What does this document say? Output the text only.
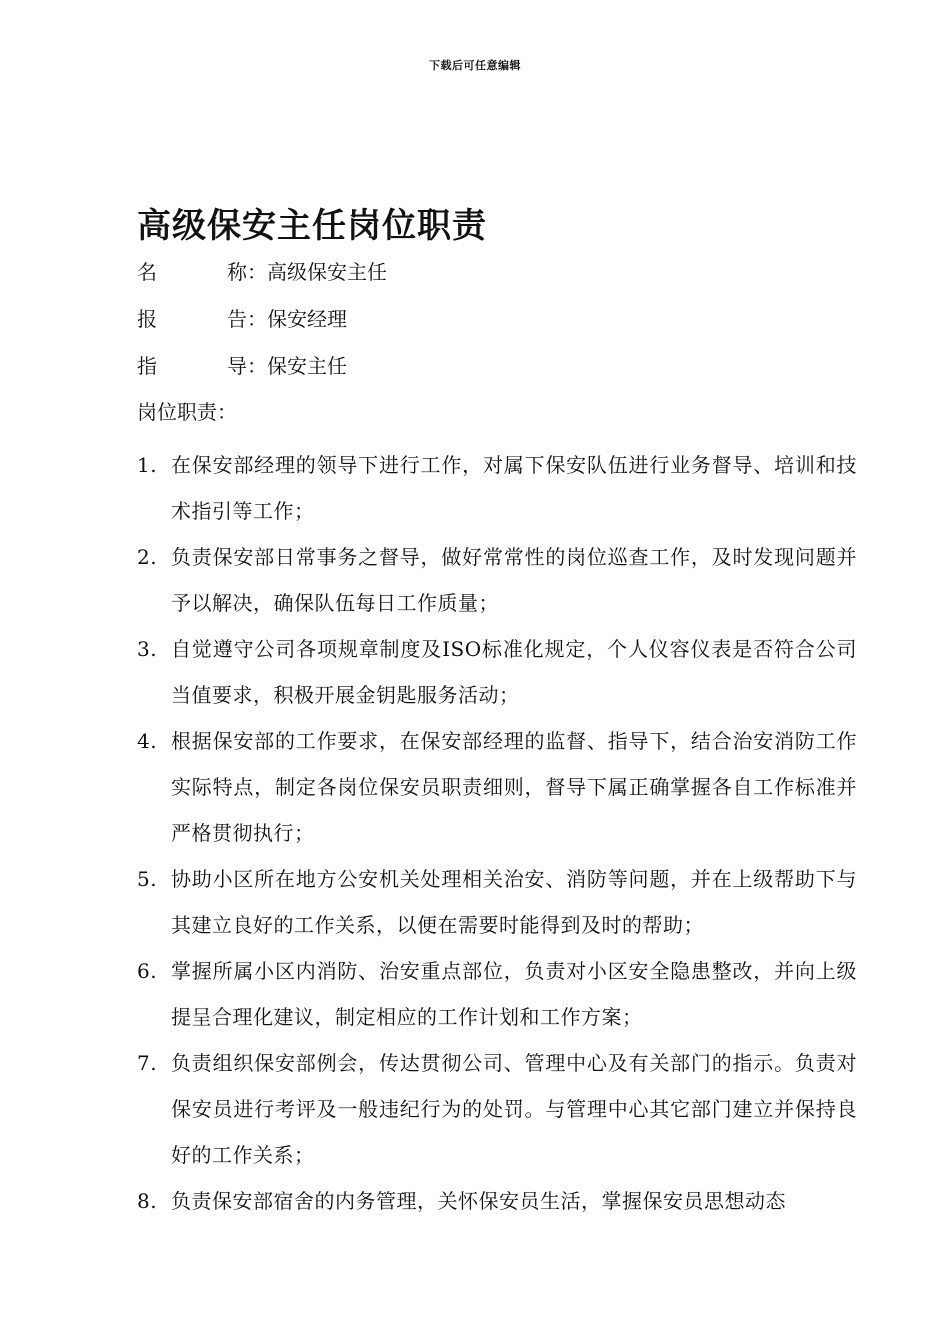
下载后可任意编辑
高级保安主任岗位职责
名称：高级保安主任
报告：保安经理
指导：保安主任
岗位职责：
1. 在保安部经理的领导下进行工作，对属下保安队伍进行业务督导、培训和技术指引等工作；
2. 负责保安部日常事务之督导，做好常常性的岗位巡查工作，及时发现问题并予以解决，确保队伍每日工作质量；
3. 自觉遵守公司各项规章制度及ISO标准化规定，个人仪容仪表是否符合公司当值要求，积极开展金钥匙服务活动；
4. 根据保安部的工作要求，在保安部经理的监督、指导下，结合治安消防工作实际特点，制定各岗位保安员职责细则，督导下属正确掌握各自工作标准并严格贯彻执行；
5. 协助小区所在地方公安机关处理相关治安、消防等问题，并在上级帮助下与其建立良好的工作关系，以便在需要时能得到及时的帮助；
6. 掌握所属小区内消防、治安重点部位，负责对小区安全隐患整改，并向上级提呈合理化建议，制定相应的工作计划和工作方案；
7. 负责组织保安部例会，传达贯彻公司、管理中心及有关部门的指示。负责对保安员进行考评及一般违纪行为的处罚。与管理中心其它部门建立并保持良好的工作关系；
8. 负责保安部宿舍的内务管理，关怀保安员生活，掌握保安员思想动态
